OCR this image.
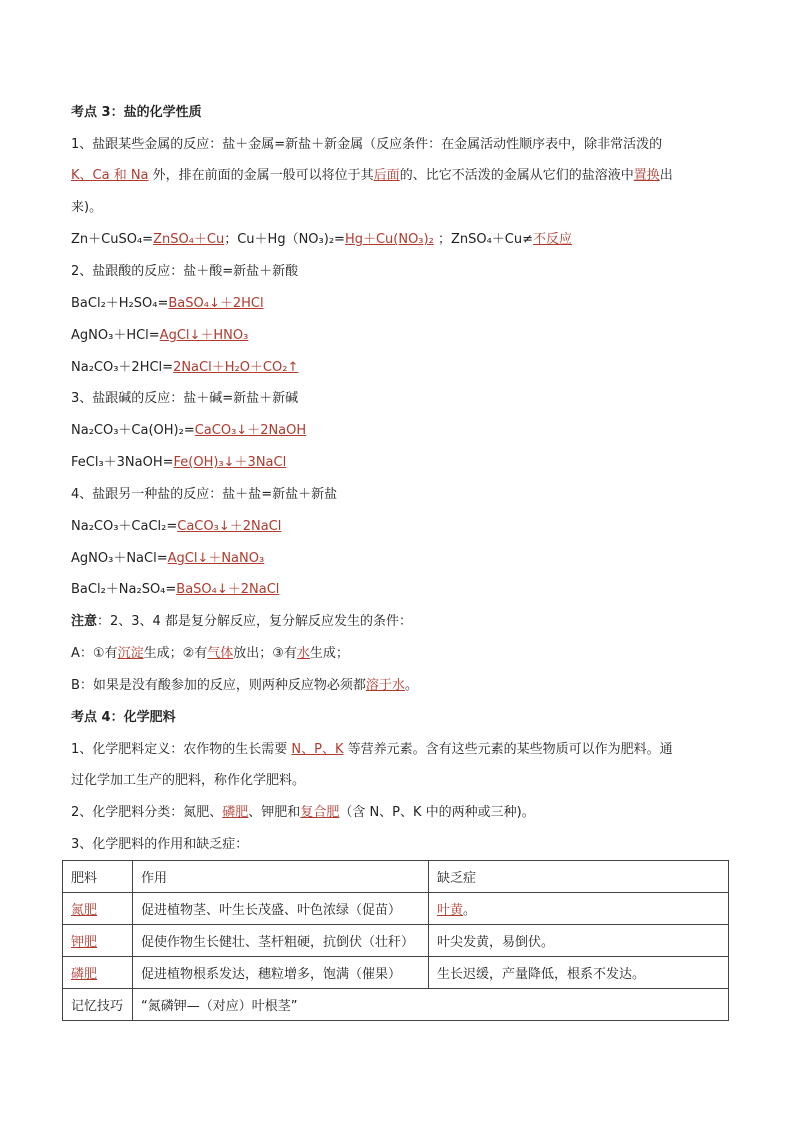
考点 3：盐的化学性质
1、盐跟某些金属的反应：盐＋金属=新盐＋新金属（反应条件：在金属活动性顺序表中，除非常活泼的
K、Ca 和 Na 外，排在前面的金属一般可以将位于其后面的、比它不活泼的金属从它们的盐溶液中置换出
来)。
Zn＋CuSO₄=ZnSO₄＋Cu；Cu＋Hg（NO₃)₂=Hg＋Cu(NO₃)₂ ；ZnSO₄＋Cu≠不反应
2、盐跟酸的反应：盐＋酸=新盐＋新酸
BaCl₂＋H₂SO₄=BaSO₄↓＋2HCl
AgNO₃＋HCl=AgCl↓＋HNO₃
Na₂CO₃＋2HCl=2NaCl＋H₂O＋CO₂↑
3、盐跟碱的反应：盐＋碱=新盐＋新碱
Na₂CO₃＋Ca(OH)₂=CaCO₃↓＋2NaOH
FeCl₃＋3NaOH=Fe(OH)₃↓＋3NaCl
4、盐跟另一种盐的反应：盐＋盐=新盐＋新盐
Na₂CO₃＋CaCl₂=CaCO₃↓＋2NaCl
AgNO₃＋NaCl=AgCl↓＋NaNO₃
BaCl₂＋Na₂SO₄=BaSO₄↓＋2NaCl
注意：2、3、4 都是复分解反应，复分解反应发生的条件：
A：①有沉淀生成；②有气体放出；③有水生成；
B：如果是没有酸参加的反应，则两种反应物必须都溶于水。
考点 4：化学肥料
1、化学肥料定义：农作物的生长需要 N、P、K 等营养元素。含有这些元素的某些物质可以作为肥料。通
过化学加工生产的肥料，称作化学肥料。
2、化学肥料分类：氮肥、磷肥、钾肥和复合肥（含 N、P、K 中的两种或三种)。
3、化学肥料的作用和缺乏症：
肥料	作用	缺乏症
氮肥	促进植物茎、叶生长茂盛、叶色浓绿（促苗）	叶黄。
钾肥	促使作物生长健壮、茎杆粗硬，抗倒伏（壮秆）	叶尖发黄，易倒伏。
磷肥	促进植物根系发达，穗粒增多，饱满（催果）	生长迟缓，产量降低，根系不发达。
记忆技巧	“氮磷钾—（对应）叶根茎”	
